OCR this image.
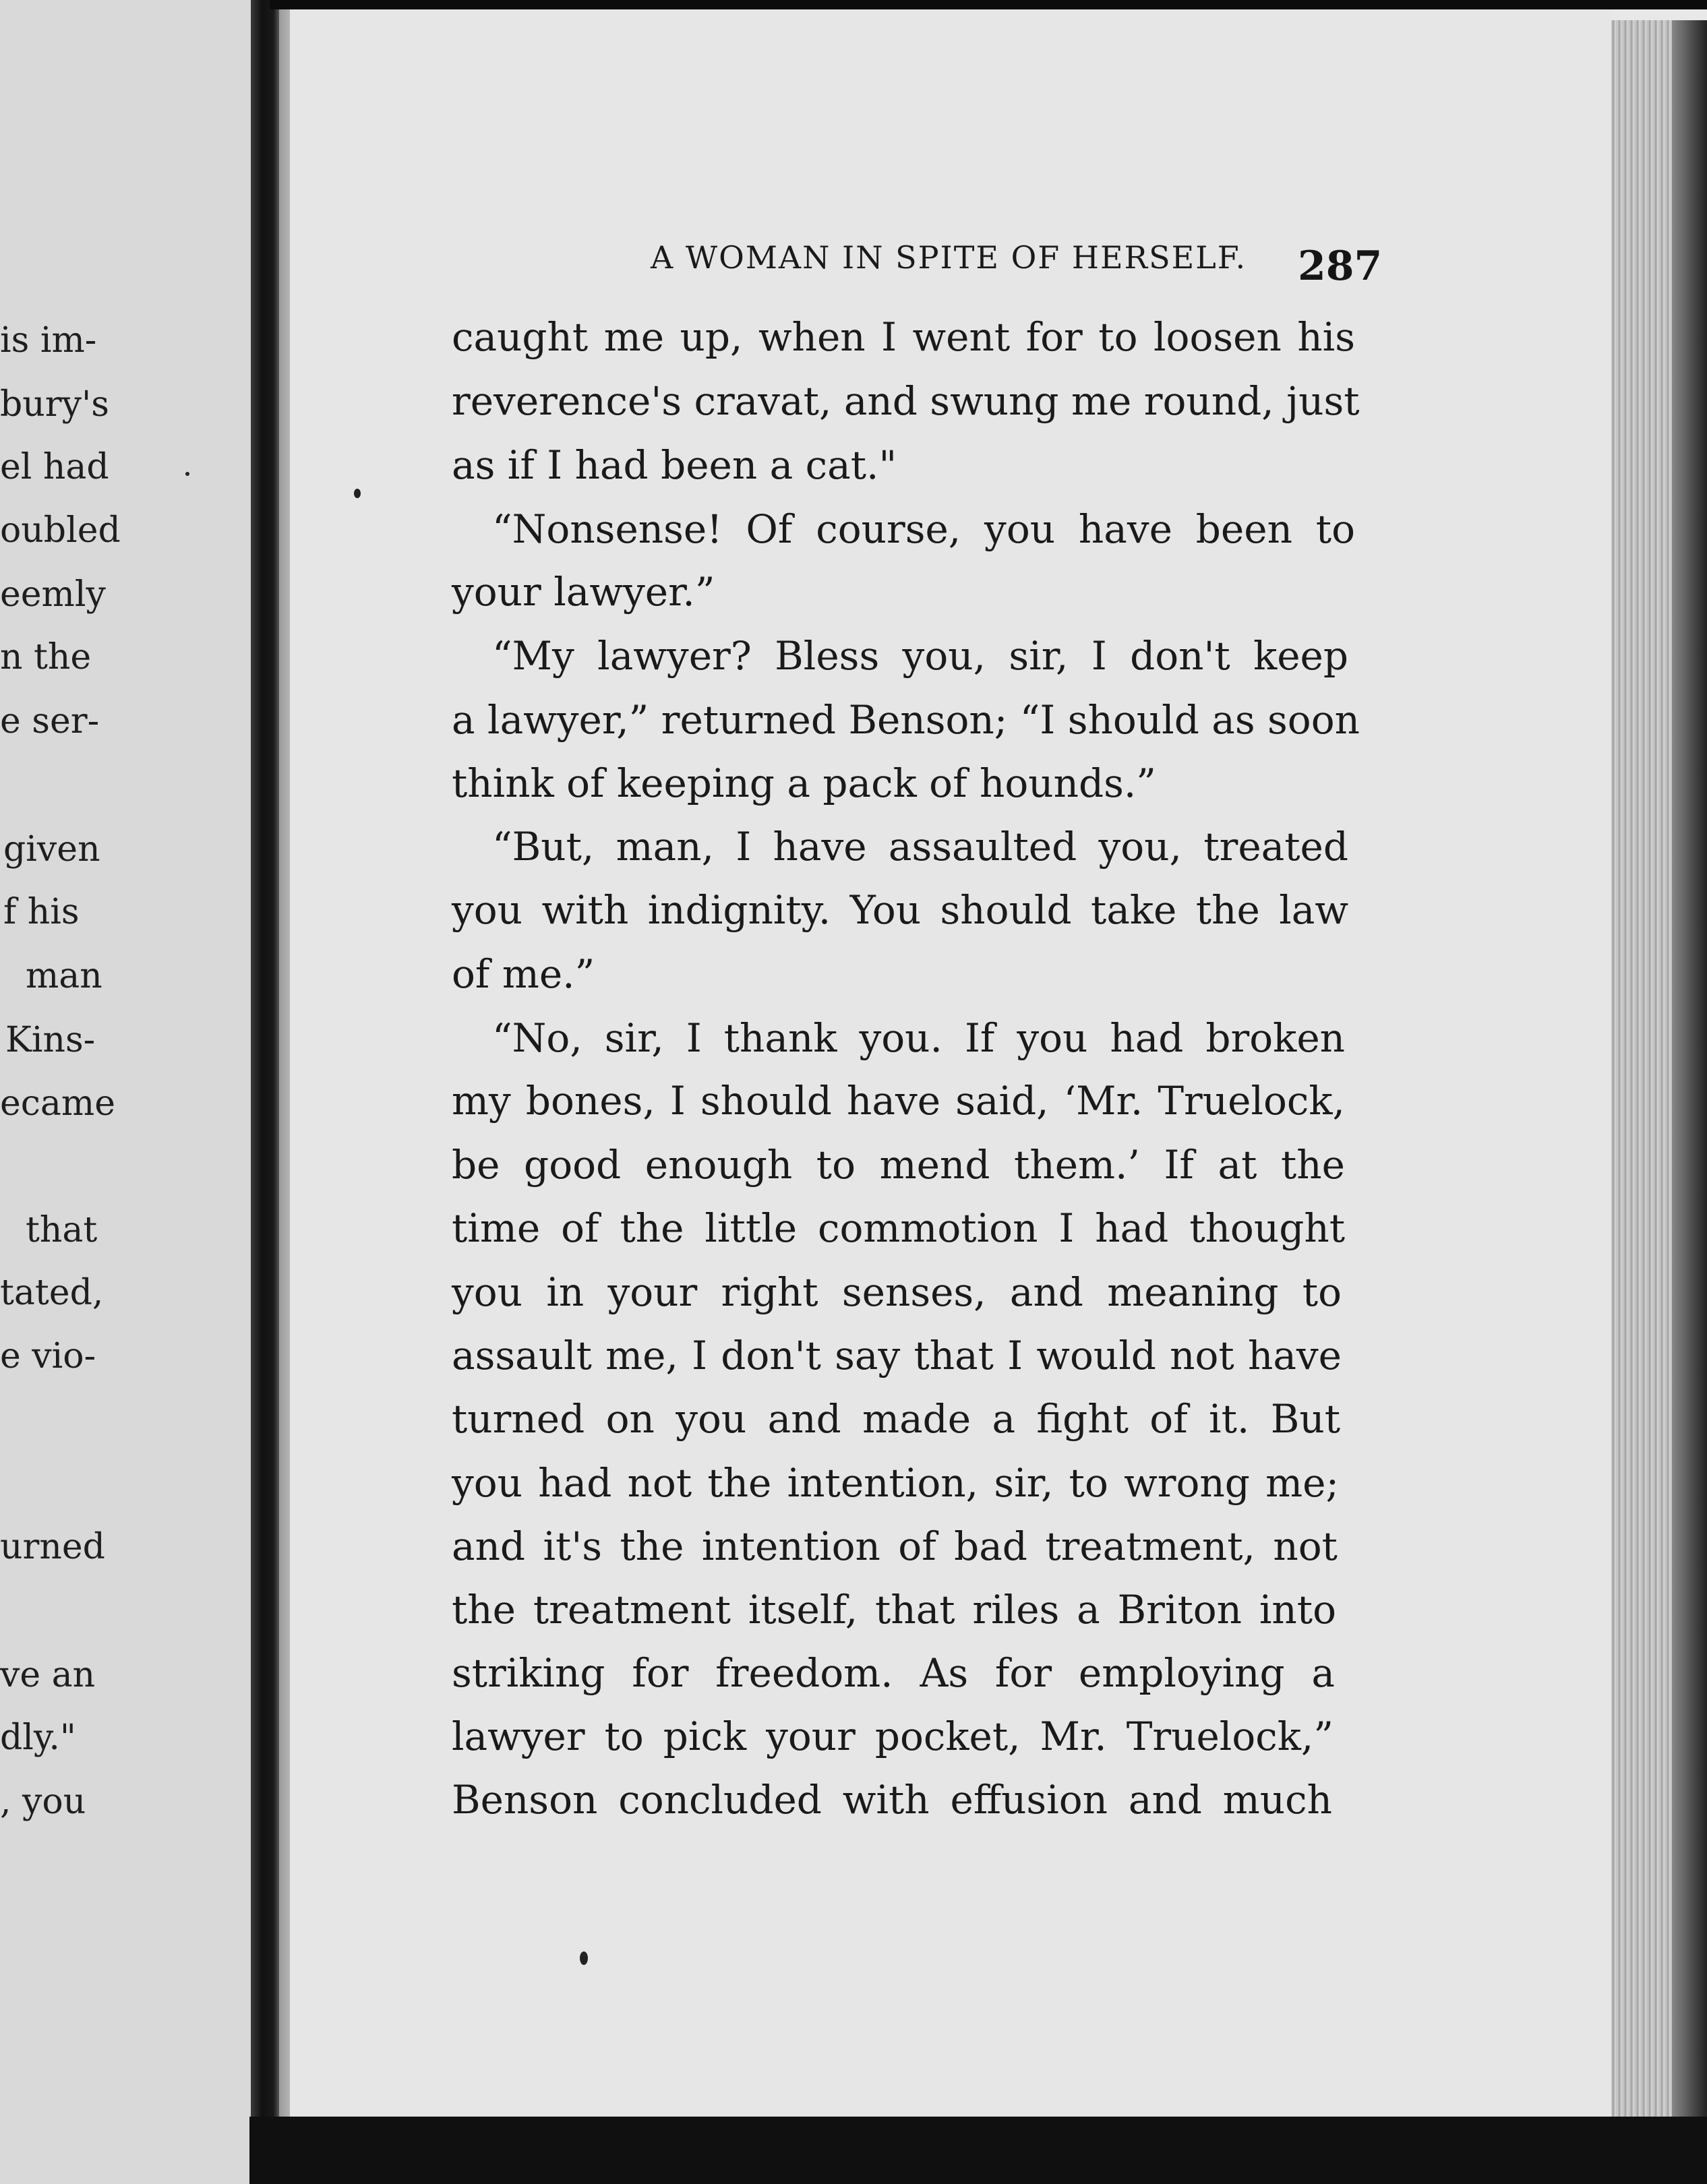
is im-
bury's
el had
oubled
eemly
n the
e ser-
given
f his
man
Kins-
ecame
that
tated,
e vio-
urned
ve an
dly."
, you
A WOMAN IN SPITE OF HERSELF. 287
caught me up, when I went for to loosen his
reverence's cravat, and swung me round, just
as if I had been a cat."
“Nonsense! Of course, you have been to
your lawyer.”
“My lawyer? Bless you, sir, I don't keep
a lawyer,” returned Benson; “I should as soon
think of keeping a pack of hounds.”
“But, man, I have assaulted you, treated
you with indignity. You should take the law
of me.”
“No, sir, I thank you. If you had broken
my bones, I should have said, ‘Mr. Truelock,
be good enough to mend them.’ If at the
time of the little commotion I had thought
you in your right senses, and meaning to
assault me, I don't say that I would not have
turned on you and made a fight of it. But
you had not the intention, sir, to wrong me;
and it's the intention of bad treatment, not
the treatment itself, that riles a Briton into
striking for freedom. As for employing a
lawyer to pick your pocket, Mr. Truelock,”
Benson concluded with effusion and much
